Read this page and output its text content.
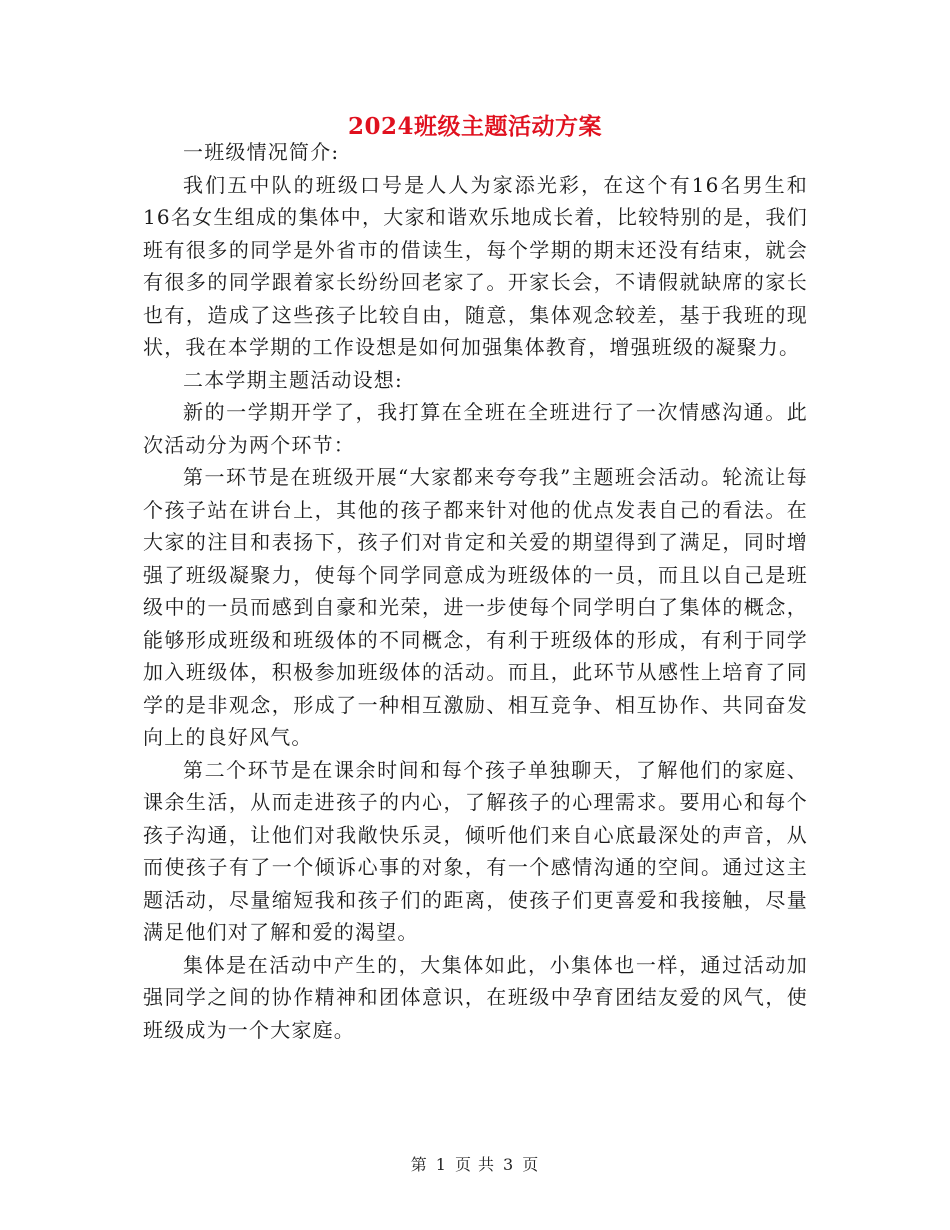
2024班级主题活动方案

一班级情况简介:

我们五中队的班级口号是人人为家添光彩，在这个有16名男生和16名女生组成的集体中，大家和谐欢乐地成长着，比较特别的是，我们班有很多的同学是外省市的借读生，每个学期的期末还没有结束，就会有很多的同学跟着家长纷纷回老家了。开家长会，不请假就缺席的家长也有，造成了这些孩子比较自由，随意，集体观念较差，基于我班的现状，我在本学期的工作设想是如何加强集体教育，增强班级的凝聚力。

二本学期主题活动设想:

新的一学期开学了，我打算在全班在全班进行了一次情感沟通。此次活动分为两个环节：

第一环节是在班级开展“大家都来夸夸我”主题班会活动。轮流让每个孩子站在讲台上，其他的孩子都来针对他的优点发表自己的看法。在大家的注目和表扬下，孩子们对肯定和关爱的期望得到了满足，同时增强了班级凝聚力，使每个同学同意成为班级体的一员，而且以自己是班级中的一员而感到自豪和光荣，进一步使每个同学明白了集体的概念，能够形成班级和班级体的不同概念，有利于班级体的形成，有利于同学加入班级体，积极参加班级体的活动。而且，此环节从感性上培育了同学的是非观念，形成了一种相互激励、相互竞争、相互协作、共同奋发向上的良好风气。

第二个环节是在课余时间和每个孩子单独聊天，了解他们的家庭、课余生活，从而走进孩子的内心，了解孩子的心理需求。要用心和每个孩子沟通，让他们对我敞快乐灵，倾听他们来自心底最深处的声音，从而使孩子有了一个倾诉心事的对象，有一个感情沟通的空间。通过这主题活动，尽量缩短我和孩子们的距离，使孩子们更喜爱和我接触，尽量满足他们对了解和爱的渴望。

集体是在活动中产生的，大集体如此，小集体也一样，通过活动加强同学之间的协作精神和团体意识，在班级中孕育团结友爱的风气，使班级成为一个大家庭。

第 1 页 共 3 页
